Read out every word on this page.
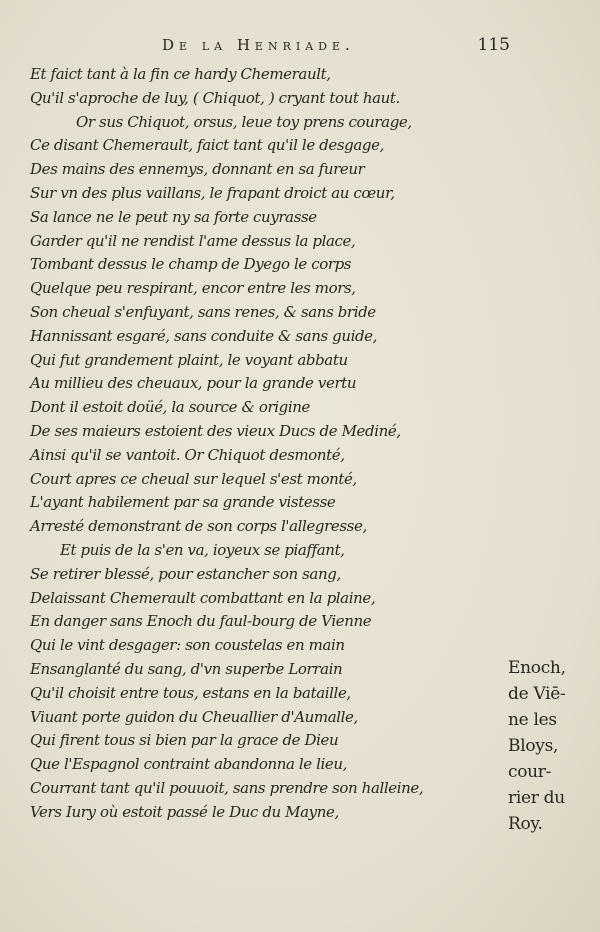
De la Henriade.	115
Et faict tant à la fin ce hardy Chemerault,
Qu'il s'aproche de luy, ( Chiquot, ) cryant tout haut.
Or sus Chiquot, orsus, leue toy prens courage,
Ce disant Chemerault, faict tant qu'il le desgage,
Des mains des ennemys, donnant en sa fureur
Sur vn des plus vaillans, le frapant droict au cœur,
Sa lance ne le peut ny sa forte cuyrasse
Garder qu'il ne rendist l'ame dessus la place,
Tombant dessus le champ de Dyego le corps
Quelque peu respirant, encor entre les mors,
Son cheual s'enfuyant, sans renes, & sans bride
Hannissant esgaré, sans conduite & sans guide,
Qui fut grandement plaint, le voyant abbatu
Au millieu des cheuaux, pour la grande vertu
Dont il estoit doüé, la source & origine
De ses maieurs estoient des vieux Ducs de Mediné,
Ainsi qu'il se vantoit. Or Chiquot desmonté,
Court apres ce cheual sur lequel s'est monté,
L'ayant habilement par sa grande vistesse
Arresté demonstrant de son corps l'allegresse,
Et puis de la s'en va, ioyeux se piaffant,
Se retirer blessé, pour estancher son sang,
Delaissant Chemerault combattant en la plaine,
En danger sans Enoch du faul-bourg de Vienne
Qui le vint desgager: son coustelas en main
Ensanglanté du sang, d'vn superbe Lorrain
Qu'il choisit entre tous, estans en la bataille,
Viuant porte guidon du Cheuallier d'Aumalle,
Qui firent tous si bien par la grace de Dieu
Que l'Espagnol contraint abandonna le lieu,
Courrant tant qu'il pouuoit, sans prendre son halleine,
Vers Iury où estoit passé le Duc du Mayne,
Enoch,
de Viē-
ne les
Bloys,
cour-
rier du
Roy.
